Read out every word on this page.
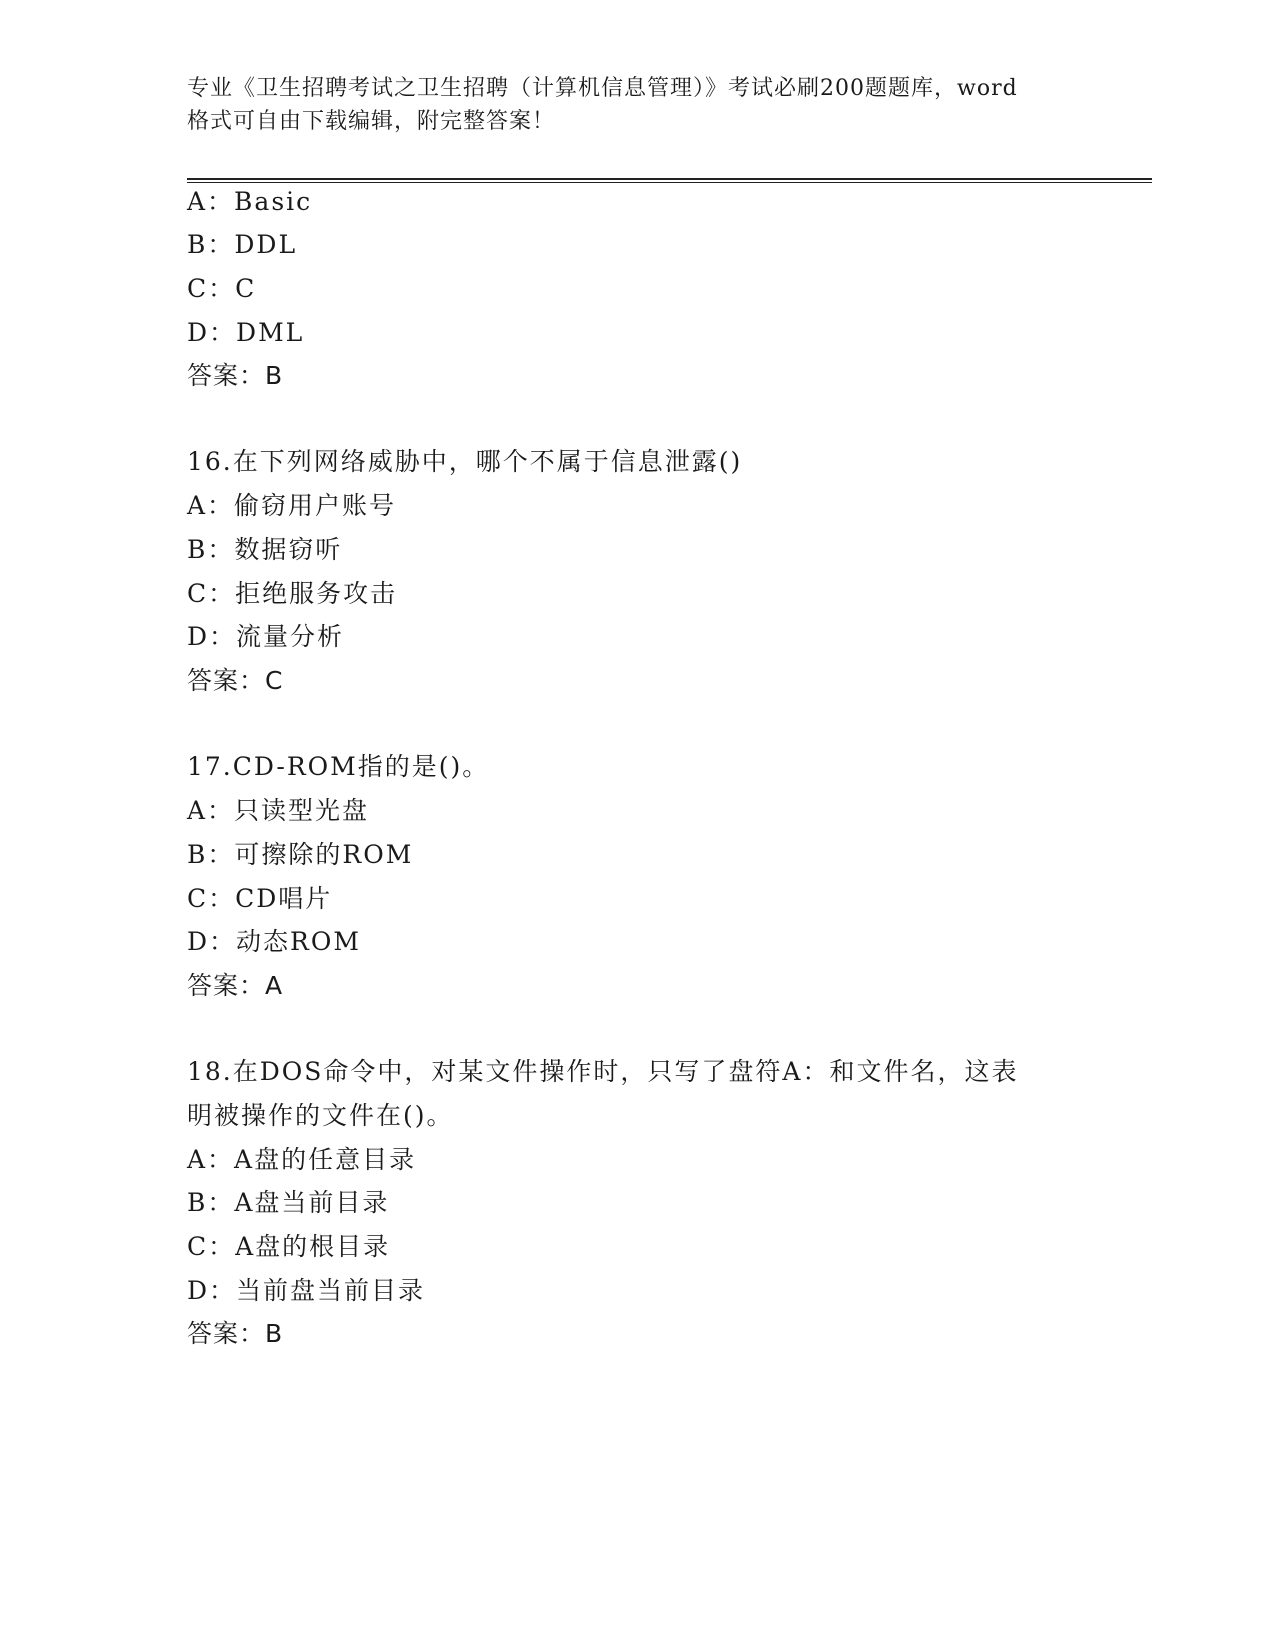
专业《卫生招聘考试之卫生招聘（计算机信息管理）》考试必刷200题题库，word
格式可自由下载编辑，附完整答案！
A：Basic
B：DDL
C：C
D：DML
答案：B
16.在下列网络威胁中，哪个不属于信息泄露()
A：偷窃用户账号
B：数据窃听
C：拒绝服务攻击
D：流量分析
答案：C
17.CD-ROM指的是()。
A：只读型光盘
B：可擦除的ROM
C：CD唱片
D：动态ROM
答案：A
18.在DOS命令中，对某文件操作时，只写了盘符A：和文件名，这表
明被操作的文件在()。
A：A盘的任意目录
B：A盘当前目录
C：A盘的根目录
D：当前盘当前目录
答案：B
